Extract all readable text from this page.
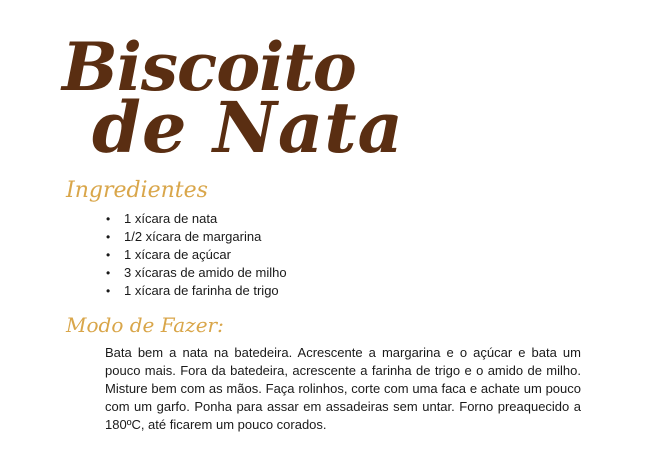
Biscoito
de Nata
Ingredientes
• 1 xícara de nata
• 1/2 xícara de margarina
• 1 xícara de açúcar
• 3 xícaras de amido de milho
• 1 xícara de farinha de trigo
Modo de Fazer:

Bata bem a nata na batedeira. Acrescente a margarina e o açúcar e bata um pouco mais. Fora da batedeira, acrescente a farinha de trigo e o amido de milho. Misture bem com as mãos. Faça rolinhos, corte com uma faca e achate um pouco com um garfo. Ponha para assar em assadeiras sem untar. Forno preaquecido a 180ºC, até ficarem um pouco corados.
